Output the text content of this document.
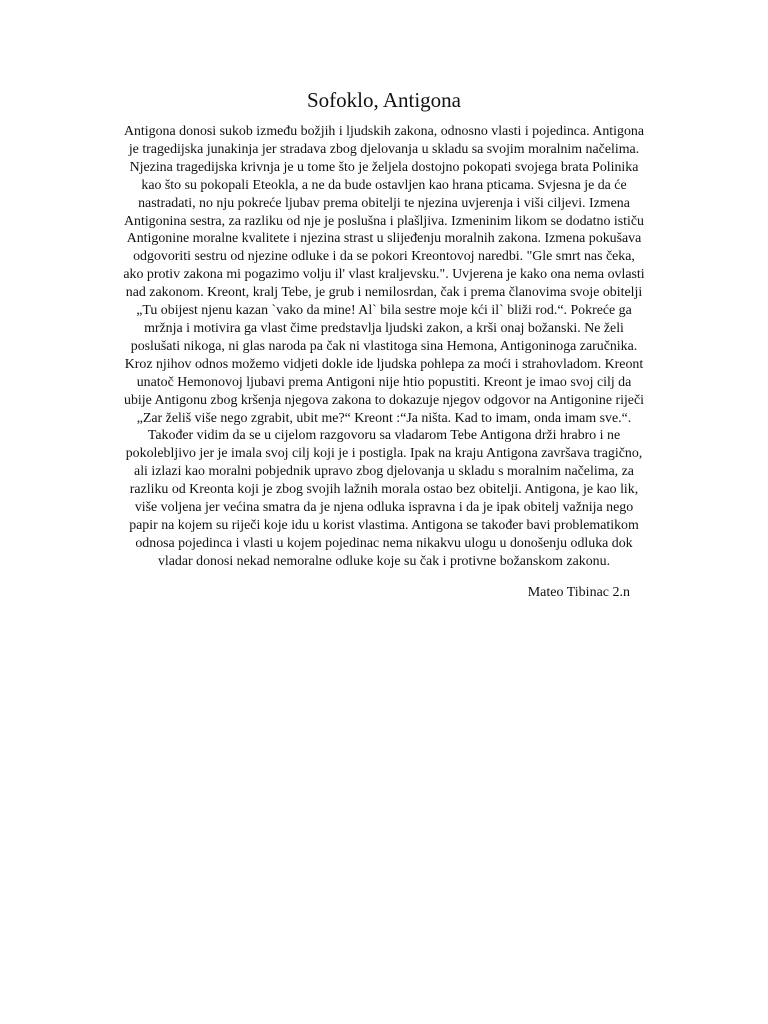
Sofoklo, Antigona
Antigona donosi sukob između božjih i ljudskih zakona, odnosno vlasti i pojedinca. Antigona
je tragedijska junakinja jer stradava zbog djelovanja u skladu sa svojim moralnim načelima.
Njezina tragedijska krivnja je u tome što je željela dostojno pokopati svojega brata Polinika
kao što su pokopali Eteokla, a ne da bude ostavljen kao hrana pticama. Svjesna je da će
nastradati, no nju pokreće ljubav prema obitelji te njezina uvjerenja i viši ciljevi. Izmena
Antigonina sestra, za razliku od nje je poslušna i plašljiva. Izmeninim likom se dodatno ističu
Antigonine moralne kvalitete i njezina strast u slijeđenju moralnih zakona. Izmena pokušava
odgovoriti sestru od njezine odluke i da se pokori Kreontovoj naredbi. "Gle smrt nas čeka,
ako protiv zakona mi pogazimo volju il' vlast kraljevsku.". Uvjerena je kako ona nema ovlasti
nad zakonom. Kreont, kralj Tebe, je grub i nemilosrdan, čak i prema članovima svoje obitelji
„Tu obijest njenu kazan `vako da mine! Al` bila sestre moje kći il` bliži rod.“. Pokreće ga
mržnja i motivira ga vlast čime predstavlja ljudski zakon, a krši onaj božanski. Ne želi
poslušati nikoga, ni glas naroda pa čak ni vlastitoga sina Hemona, Antigoninoga zaručnika.
Kroz njihov odnos možemo vidjeti dokle ide ljudska pohlepa za moći i strahovladom. Kreont
unatoč Hemonovoj ljubavi prema Antigoni nije htio popustiti. Kreont je imao svoj cilj da
ubije Antigonu zbog kršenja njegova zakona to dokazuje njegov odgovor na Antigonine riječi
„Zar želiš više nego zgrabit, ubit me?“ Kreont :“Ja ništa. Kad to imam, onda imam sve.“.
Također vidim da se u cijelom razgovoru sa vladarom Tebe Antigona drži hrabro i ne
pokolebljivo jer je imala svoj cilj koji je i postigla. Ipak na kraju Antigona završava tragično,
ali izlazi kao moralni pobjednik upravo zbog djelovanja u skladu s moralnim načelima, za
razliku od Kreonta koji je zbog svojih lažnih morala ostao bez obitelji. Antigona, je kao lik,
više voljena jer većina smatra da je njena odluka ispravna i da je ipak obitelj važnija nego
papir na kojem su riječi koje idu u korist vlastima. Antigona se također bavi problematikom
odnosa pojedinca i vlasti u kojem pojedinac nema nikakvu ulogu u donošenju odluka dok
vladar donosi nekad nemoralne odluke koje su čak i protivne božanskom zakonu.

Mateo Tibinac 2.n
